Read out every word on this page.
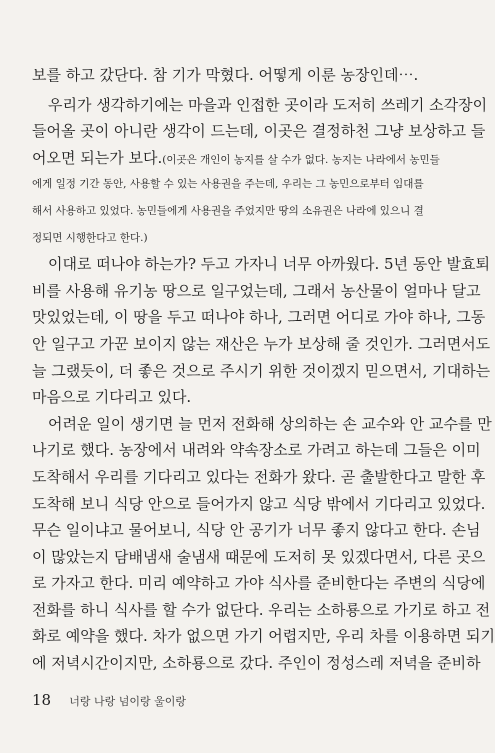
보를 하고 갔단다. 참 기가 막혔다. 어떻게 이룬 농장인데⋯.
우리가 생각하기에는 마을과 인접한 곳이라 도저히 쓰레기 소각장이
들어올 곳이 아니란 생각이 드는데, 이곳은 결정하천 그냥 보상하고 들
어오면 되는가 보다.(이곳은 개인이 농지를 살 수가 없다. 농지는 나라에서 농민들
에게 일정 기간 동안, 사용할 수 있는 사용권을 주는데, 우리는 그 농민으로부터 임대를
해서 사용하고 있었다. 농민들에게 사용권을 주었지만 땅의 소유권은 나라에 있으니 결
정되면 시행한다고 한다.)
이대로 떠나야 하는가? 두고 가자니 너무 아까웠다. 5년 동안 발효퇴
비를 사용해 유기농 땅으로 일구었는데, 그래서 농산물이 얼마나 달고
맛있었는데, 이 땅을 두고 떠나야 하나, 그러면 어디로 가야 하나, 그동
안 일구고 가꾼 보이지 않는 재산은 누가 보상해 줄 것인가. 그러면서도
늘 그랬듯이, 더 좋은 것으로 주시기 위한 것이겠지 믿으면서, 기대하는
마음으로 기다리고 있다.
어려운 일이 생기면 늘 먼저 전화해 상의하는 손 교수와 안 교수를 만
나기로 했다. 농장에서 내려와 약속장소로 가려고 하는데 그들은 이미
도착해서 우리를 기다리고 있다는 전화가 왔다. 곧 출발한다고 말한 후
도착해 보니 식당 안으로 들어가지 않고 식당 밖에서 기다리고 있었다.
무슨 일이냐고 물어보니, 식당 안 공기가 너무 좋지 않다고 한다. 손님
이 많았는지 담배냄새 술냄새 때문에 도저히 못 있겠다면서, 다른 곳으
로 가자고 한다. 미리 예약하고 가야 식사를 준비한다는 주변의 식당에
전화를 하니 식사를 할 수가 없단다. 우리는 소하룡으로 가기로 하고 전
화로 예약을 했다. 차가 없으면 가기 어렵지만, 우리 차를 이용하면 되기
에 저녁시간이지만, 소하룡으로 갔다. 주인이 정성스레 저녁을 준비하
18 너랑 나랑 넘이랑 울이랑
